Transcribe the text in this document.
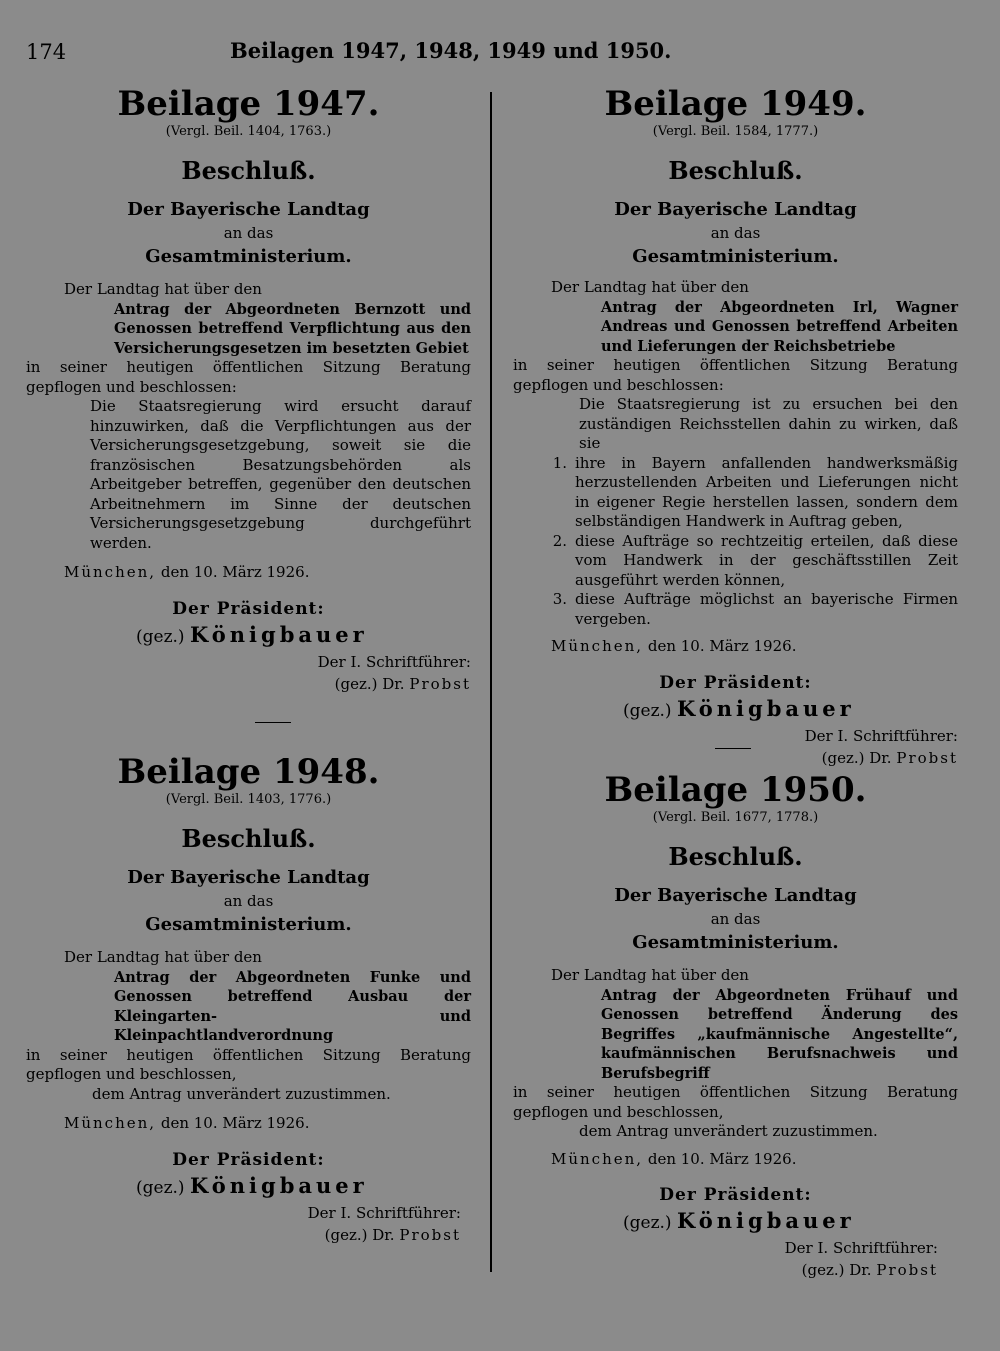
174	Beilagen 1947, 1948, 1949 und 1950.
Beilage 1947.
(Vergl. Beil. 1404, 1763.)
Beschluß.
Der Bayerische Landtag
an das
Gesamtministerium.

Der Landtag hat über den

Antrag der Abgeordneten Bernzott und Genossen betreffend Verpflichtung aus den Versicherungsgesetzen im besetzten Gebiet

in seiner heutigen öffentlichen Sitzung Beratung gepflogen und beschlossen:

Die Staatsregierung wird ersucht darauf hinzuwirken, daß die Verpflichtungen aus der Versicherungsgesetzgebung, soweit sie die französischen Besatzungsbehörden als Arbeitgeber betreffen, gegenüber den deutschen Arbeitnehmern im Sinne der deutschen Versicherungsgesetzgebung durchgeführt werden.

München, den 10. März 1926.

Der Präsident:
(gez.) Königbauer
Der I. Schriftführer:
(gez.) Dr. Probst
Beilage 1948.
(Vergl. Beil. 1403, 1776.)
Beschluß.
Der Bayerische Landtag
an das
Gesamtministerium.

Der Landtag hat über den

Antrag der Abgeordneten Funke und Genossen betreffend Ausbau der Kleingarten- und Kleinpachtlandverordnung

in seiner heutigen öffentlichen Sitzung Beratung gepflogen und beschlossen,

dem Antrag unverändert zuzustimmen.

München, den 10. März 1926.

Der Präsident:
(gez.) Königbauer
Der I. Schriftführer:
(gez.) Dr. Probst
Beilage 1949.
(Vergl. Beil. 1584, 1777.)
Beschluß.
Der Bayerische Landtag
an das
Gesamtministerium.

Der Landtag hat über den

Antrag der Abgeordneten Irl, Wagner Andreas und Genossen betreffend Arbeiten und Lieferungen der Reichsbetriebe

in seiner heutigen öffentlichen Sitzung Beratung gepflogen und beschlossen:

Die Staatsregierung ist zu ersuchen bei den zuständigen Reichsstellen dahin zu wirken, daß sie

1. ihre in Bayern anfallenden handwerksmäßig herzustellenden Arbeiten und Lieferungen nicht in eigener Regie herstellen lassen, sondern dem selbständigen Handwerk in Auftrag geben,
2. diese Aufträge so rechtzeitig erteilen, daß diese vom Handwerk in der geschäftsstillen Zeit ausgeführt werden können,
3. diese Aufträge möglichst an bayerische Firmen vergeben.

München, den 10. März 1926.

Der Präsident:
(gez.) Königbauer
Der I. Schriftführer:
(gez.) Dr. Probst
Beilage 1950.
(Vergl. Beil. 1677, 1778.)
Beschluß.
Der Bayerische Landtag
an das
Gesamtministerium.

Der Landtag hat über den

Antrag der Abgeordneten Frühauf und Genossen betreffend Änderung des Begriffes „kaufmännische Angestellte“, kaufmännischen Berufsnachweis und Berufsbegriff

in seiner heutigen öffentlichen Sitzung Beratung gepflogen und beschlossen,

dem Antrag unverändert zuzustimmen.

München, den 10. März 1926.

Der Präsident:
(gez.) Königbauer
Der I. Schriftführer:
(gez.) Dr. Probst
